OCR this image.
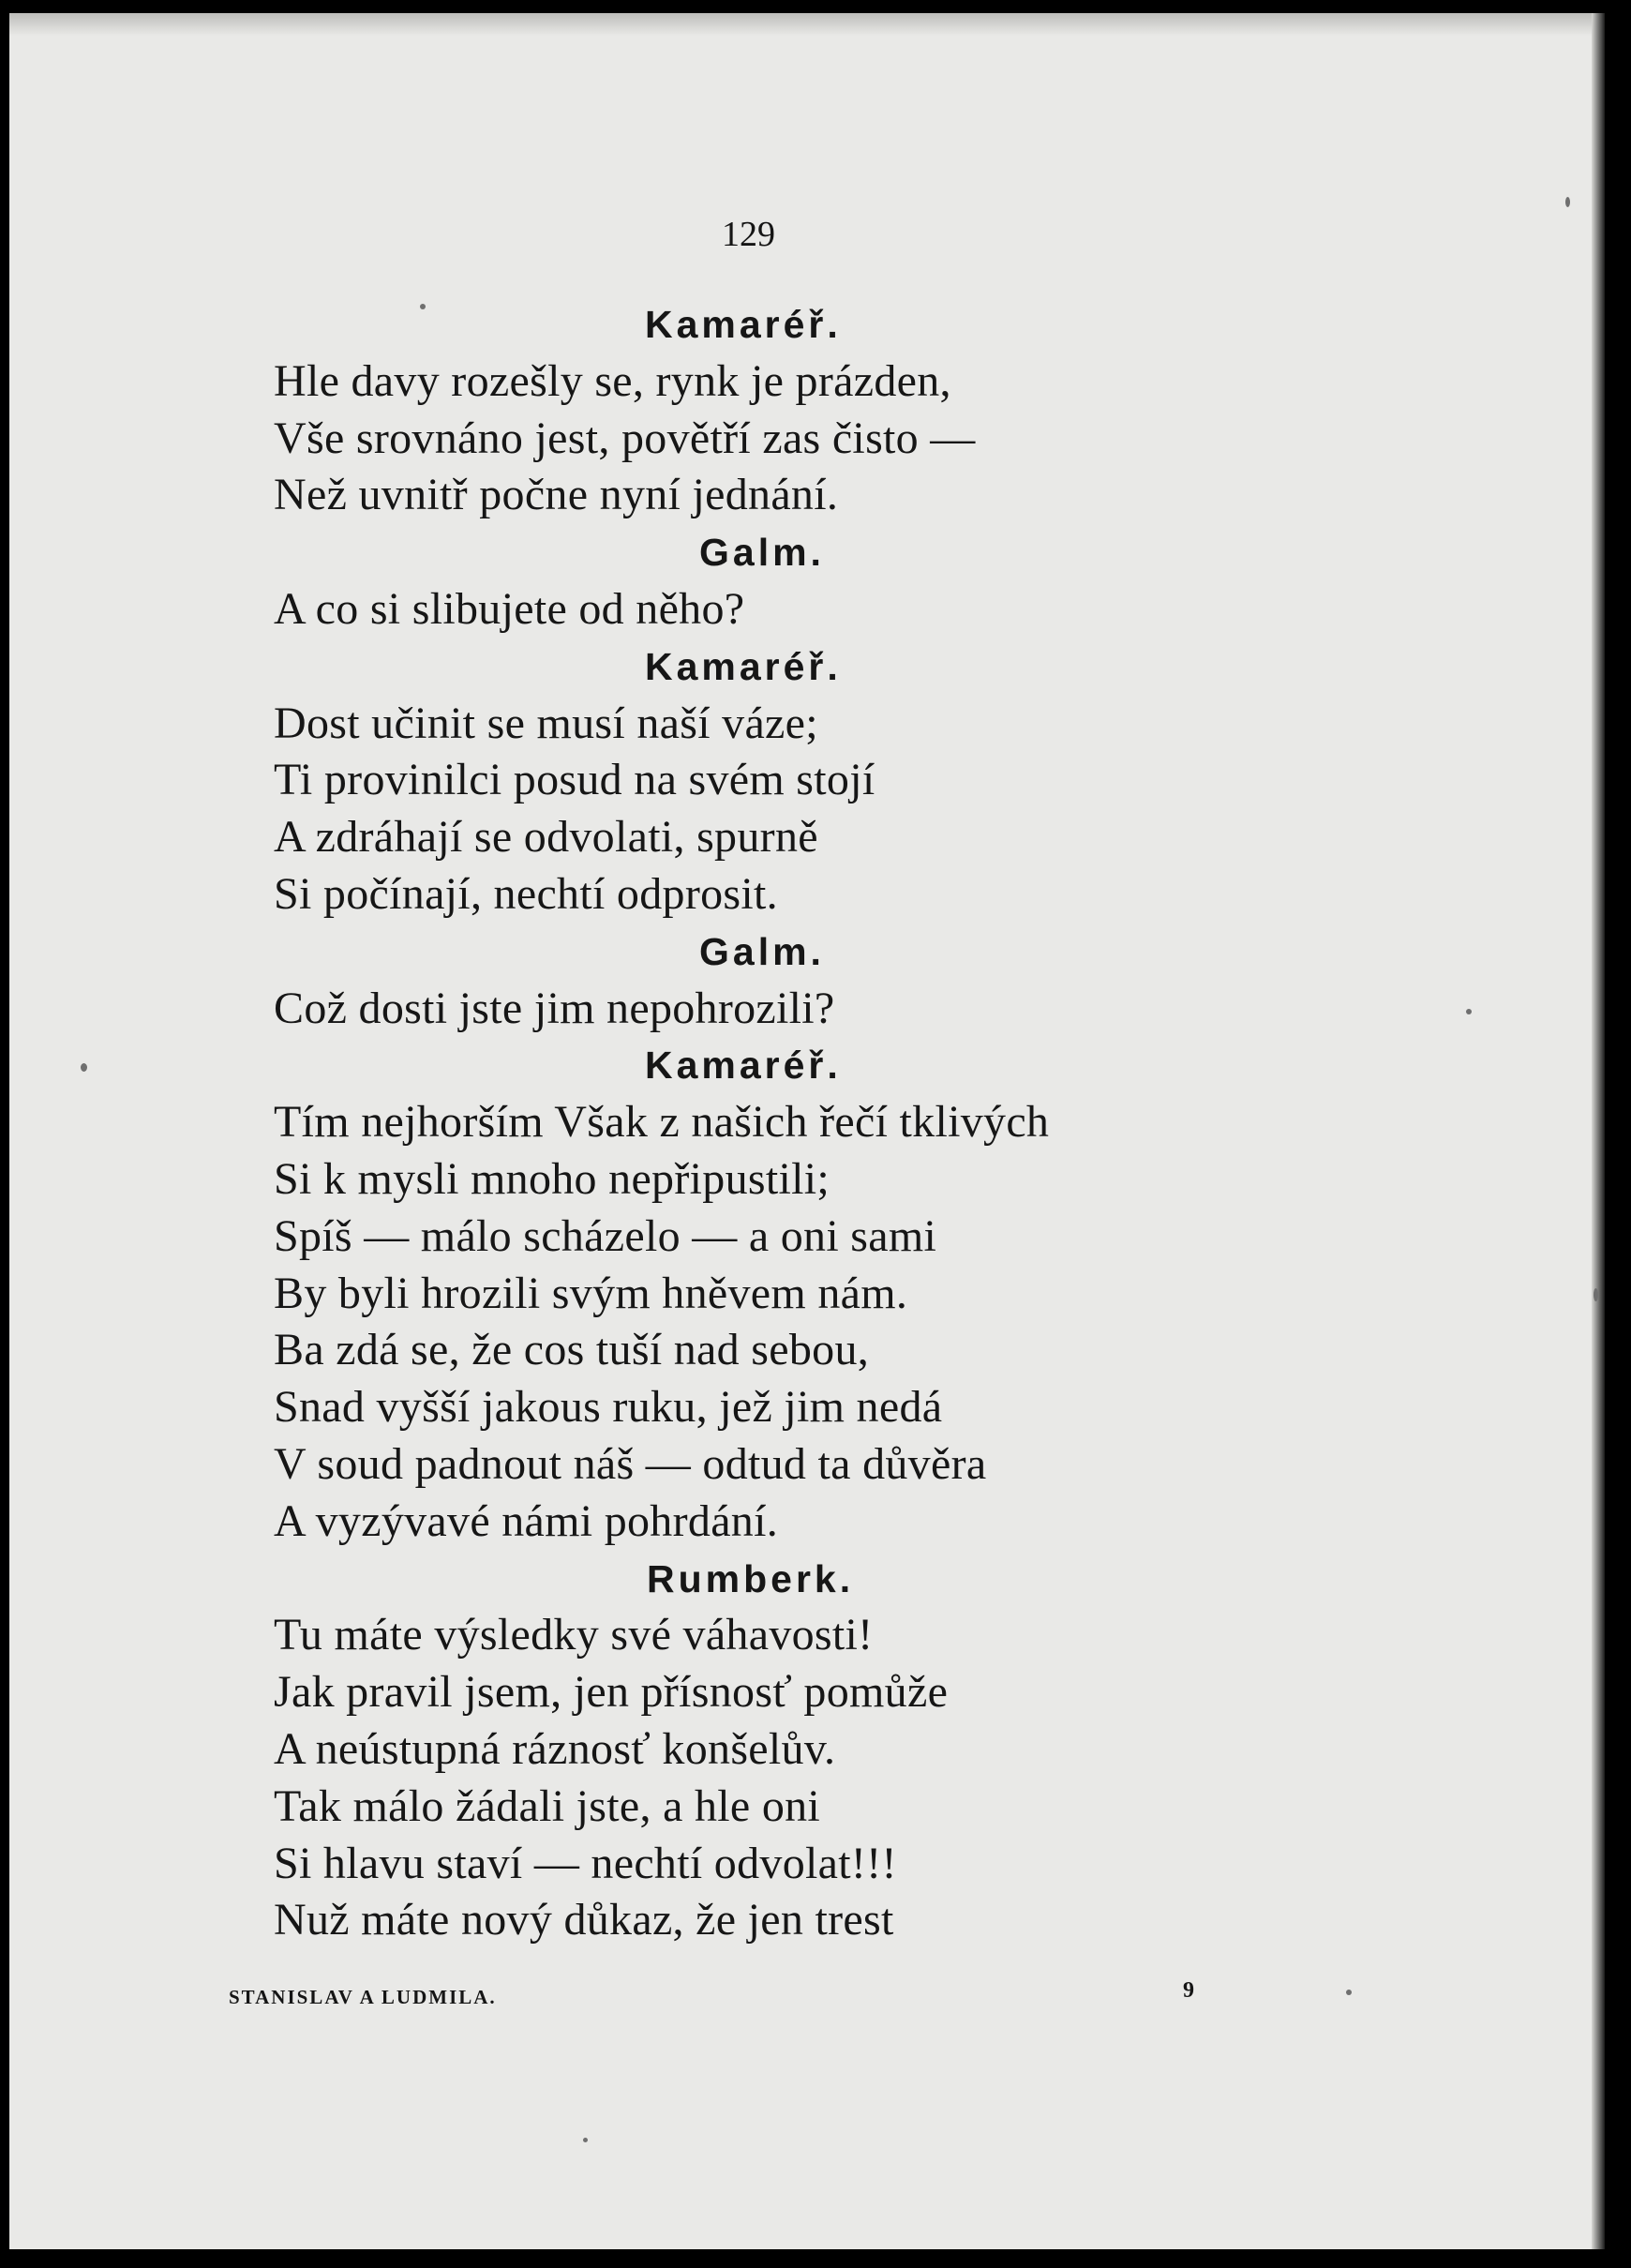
129
Kamaréř.
Hle davy rozešly se, rynk je prázden,
Vše srovnáno jest, povětří zas čisto —
Než uvnitř počne nyní jednání.
Galm.
A co si slibujete od něho?
Kamaréř.
Dost učinit se musí naší váze;
Ti provinilci posud na svém stojí
A zdráhají se odvolati, spurně
Si počínají, nechtí odprosit.
Galm.
Což dosti jste jim nepohrozili?
Kamaréř.
Tím nejhorším Však z našich řečí tklivých
Si k mysli mnoho nepřipustili;
Spíš — málo scházelo — a oni sami
By byli hrozili svým hněvem nám.
Ba zdá se, že cos tuší nad sebou,
Snad vyšší jakous ruku, jež jim nedá
V soud padnout náš — odtud ta důvěra
A vyzývavé námi pohrdání.
Rumberk.
Tu máte výsledky své váhavosti!
Jak pravil jsem, jen přísnosť pomůže
A neústupná ráznosť konšelův.
Tak málo žádali jste, a hle oni
Si hlavu staví — nechtí odvolat!!!
Nuž máte nový důkaz, že jen trest
STANISLAV A LUDMILA.	9
